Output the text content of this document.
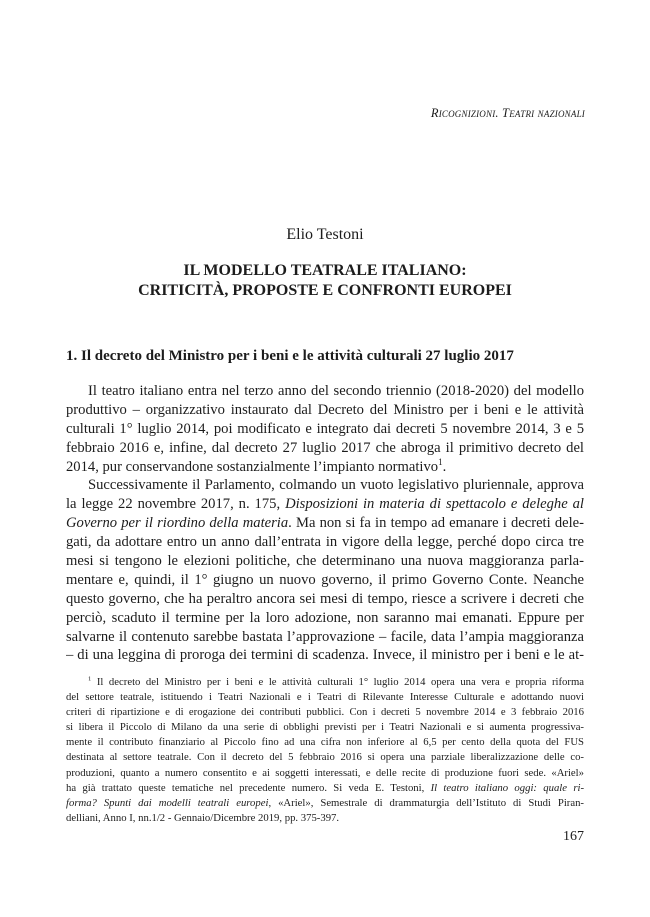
Ricognizioni. Teatri nazionali
Elio Testoni
IL MODELLO TEATRALE ITALIANO:
CRITICITÀ, PROPOSTE E CONFRONTI EUROPEI
1. Il decreto del Ministro per i beni e le attività culturali 27 luglio 2017
Il teatro italiano entra nel terzo anno del secondo triennio (2018-2020) del modello
produttivo – organizzativo instaurato dal Decreto del Ministro per i beni e le attività
culturali 1° luglio 2014, poi modificato e integrato dai decreti 5 novembre 2014, 3 e 5
febbraio 2016 e, infine, dal decreto 27 luglio 2017 che abroga il primitivo decreto del
2014, pur conservandone sostanzialmente l’impianto normativo$^1$.
Successivamente il Parlamento, colmando un vuoto legislativo pluriennale, approva
la legge 22 novembre 2017, n. 175, Disposizioni in materia di spettacolo e deleghe al
Governo per il riordino della materia. Ma non si fa in tempo ad emanare i decreti dele-
gati, da adottare entro un anno dall’entrata in vigore della legge, perché dopo circa tre
mesi si tengono le elezioni politiche, che determinano una nuova maggioranza parla-
mentare e, quindi, il 1° giugno un nuovo governo, il primo Governo Conte. Neanche
questo governo, che ha peraltro ancora sei mesi di tempo, riesce a scrivere i decreti che
perciò, scaduto il termine per la loro adozione, non saranno mai emanati. Eppure per
salvarne il contenuto sarebbe bastata l’approvazione – facile, data l’ampia maggioranza
– di una leggina di proroga dei termini di scadenza. Invece, il ministro per i beni e le at-
$^1$ Il decreto del Ministro per i beni e le attività culturali 1° luglio 2014 opera una vera e propria riforma
del settore teatrale, istituendo i Teatri Nazionali e i Teatri di Rilevante Interesse Culturale e adottando nuovi
criteri di ripartizione e di erogazione dei contributi pubblici. Con i decreti 5 novembre 2014 e 3 febbraio 2016
si libera il Piccolo di Milano da una serie di obblighi previsti per i Teatri Nazionali e si aumenta progressiva-
mente il contributo finanziario al Piccolo fino ad una cifra non inferiore al 6,5 per cento della quota del FUS
destinata al settore teatrale. Con il decreto del 5 febbraio 2016 si opera una parziale liberalizzazione delle co-
produzioni, quanto a numero consentito e ai soggetti interessati, e delle recite di produzione fuori sede. «Ariel»
ha già trattato queste tematiche nel precedente numero. Si veda E. Testoni, Il teatro italiano oggi: quale ri-
forma? Spunti dai modelli teatrali europei, «Ariel», Semestrale di drammaturgia dell’Istituto di Studi Piran-
delliani, Anno I, nn.1/2 - Gennaio/Dicembre 2019, pp. 375-397.
167
